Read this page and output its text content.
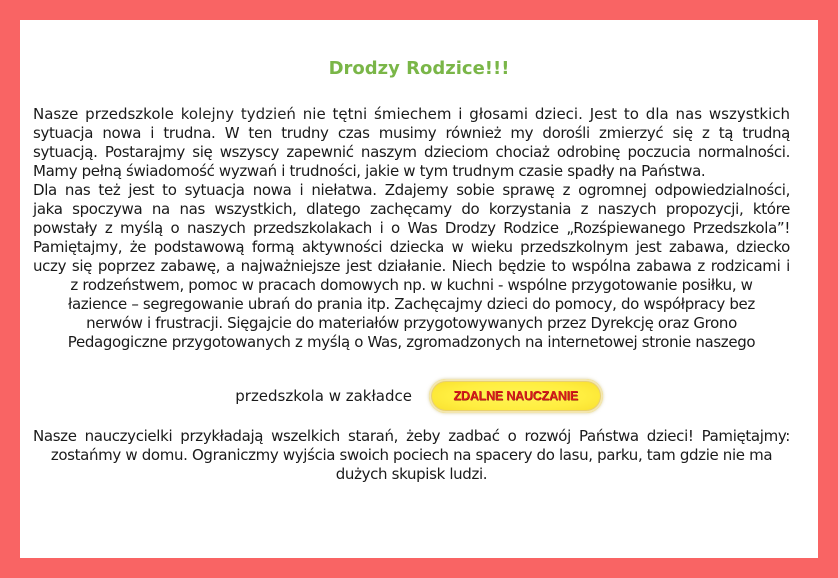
Drodzy Rodzice!!!
Nasze przedszkole kolejny tydzień nie tętni śmiechem i głosami dzieci. Jest to dla nas wszystkich
sytuacja nowa i trudna. W ten trudny czas musimy również my dorośli zmierzyć się z tą trudną
sytuacją. Postarajmy się wszyscy zapewnić naszym dzieciom chociaż odrobinę poczucia normalności.
Mamy pełną świadomość wyzwań i trudności, jakie w tym trudnym czasie spadły na Państwa.
Dla nas też jest to sytuacja nowa i niełatwa. Zdajemy sobie sprawę z ogromnej odpowiedzialności,
jaka spoczywa na nas wszystkich, dlatego zachęcamy do korzystania z naszych propozycji, które
powstały z myślą o naszych przedszkolakach i o Was Drodzy Rodzice „Rozśpiewanego Przedszkola”!
Pamiętajmy, że podstawową formą aktywności dziecka w wieku przedszkolnym jest zabawa, dziecko
uczy się poprzez zabawę, a najważniejsze jest działanie. Niech będzie to wspólna zabawa z rodzicami i
z rodzeństwem, pomoc w pracach domowych np. w kuchni - wspólne przygotowanie posiłku, w
łazience – segregowanie ubrań do prania itp. Zachęcajmy dzieci do pomocy, do współpracy bez
nerwów i frustracji. Sięgajcie do materiałów przygotowywanych przez Dyrekcję oraz Grono
Pedagogiczne przygotowanych z myślą o Was, zgromadzonych na internetowej stronie naszego
przedszkola w zakładce	ZDALNE NAUCZANIE
Nasze nauczycielki przykładają wszelkich starań, żeby zadbać o rozwój Państwa dzieci! Pamiętajmy:
zostańmy w domu. Ograniczmy wyjścia swoich pociech na spacery do lasu, parku, tam gdzie nie ma
dużych skupisk ludzi.
